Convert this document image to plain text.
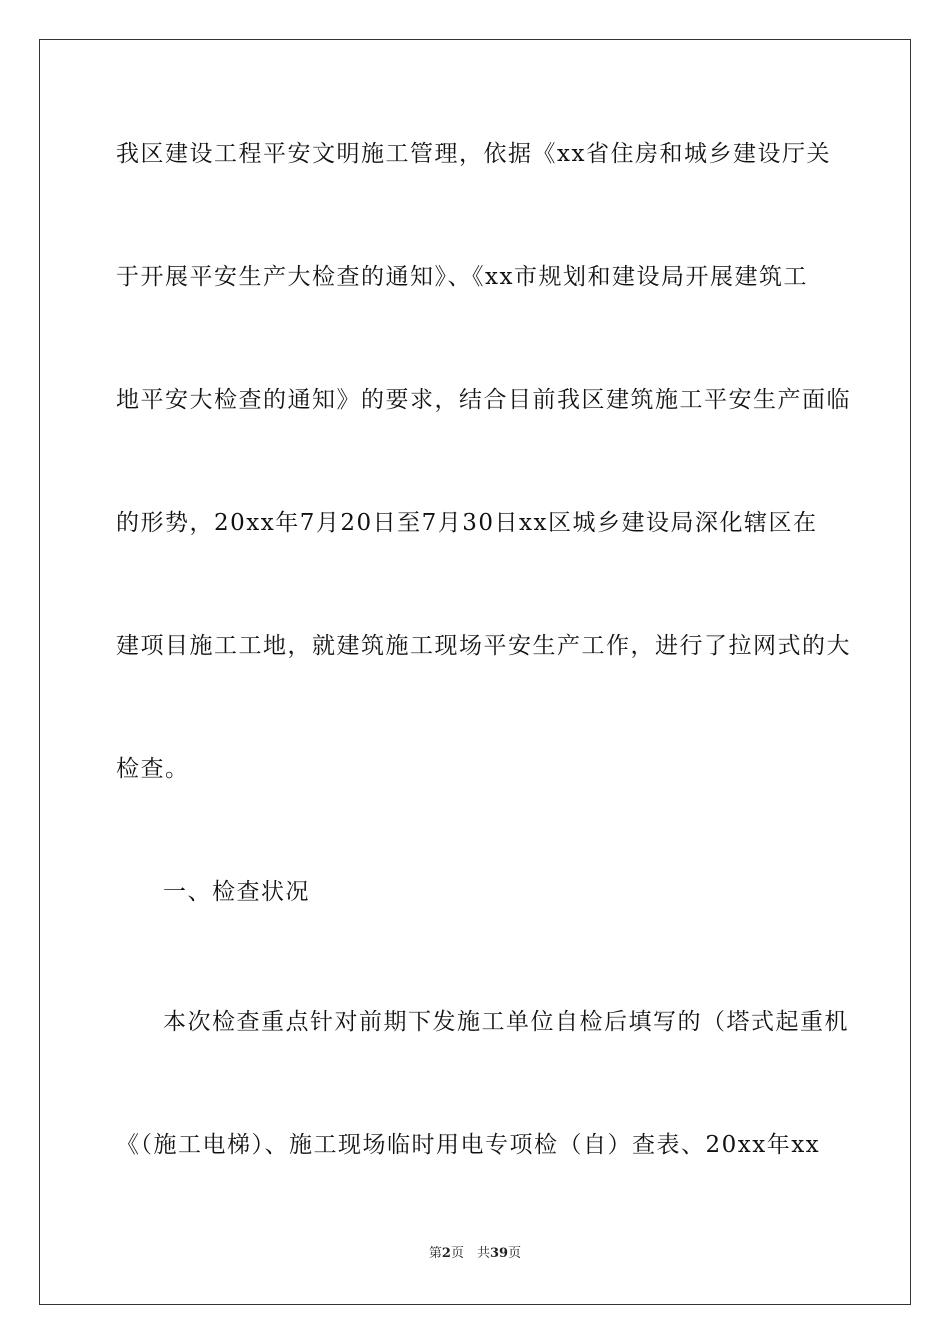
我区建设工程平安文明施工管理，依据《xx省住房和城乡建设厅关
于开展平安生产大检查的通知》、《xx市规划和建设局开展建筑工
地平安大检查的通知》的要求，结合目前我区建筑施工平安生产面临
的形势，20xx年7月20日至7月30日xx区城乡建设局深化辖区在
建项目施工工地，就建筑施工现场平安生产工作，进行了拉网式的大
检查。
一、检查状况
本次检查重点针对前期下发施工单位自检后填写的（塔式起重机
《（施工电梯）、施工现场临时用电专项检（自）查表、20xx年xx
第2页　共39页
